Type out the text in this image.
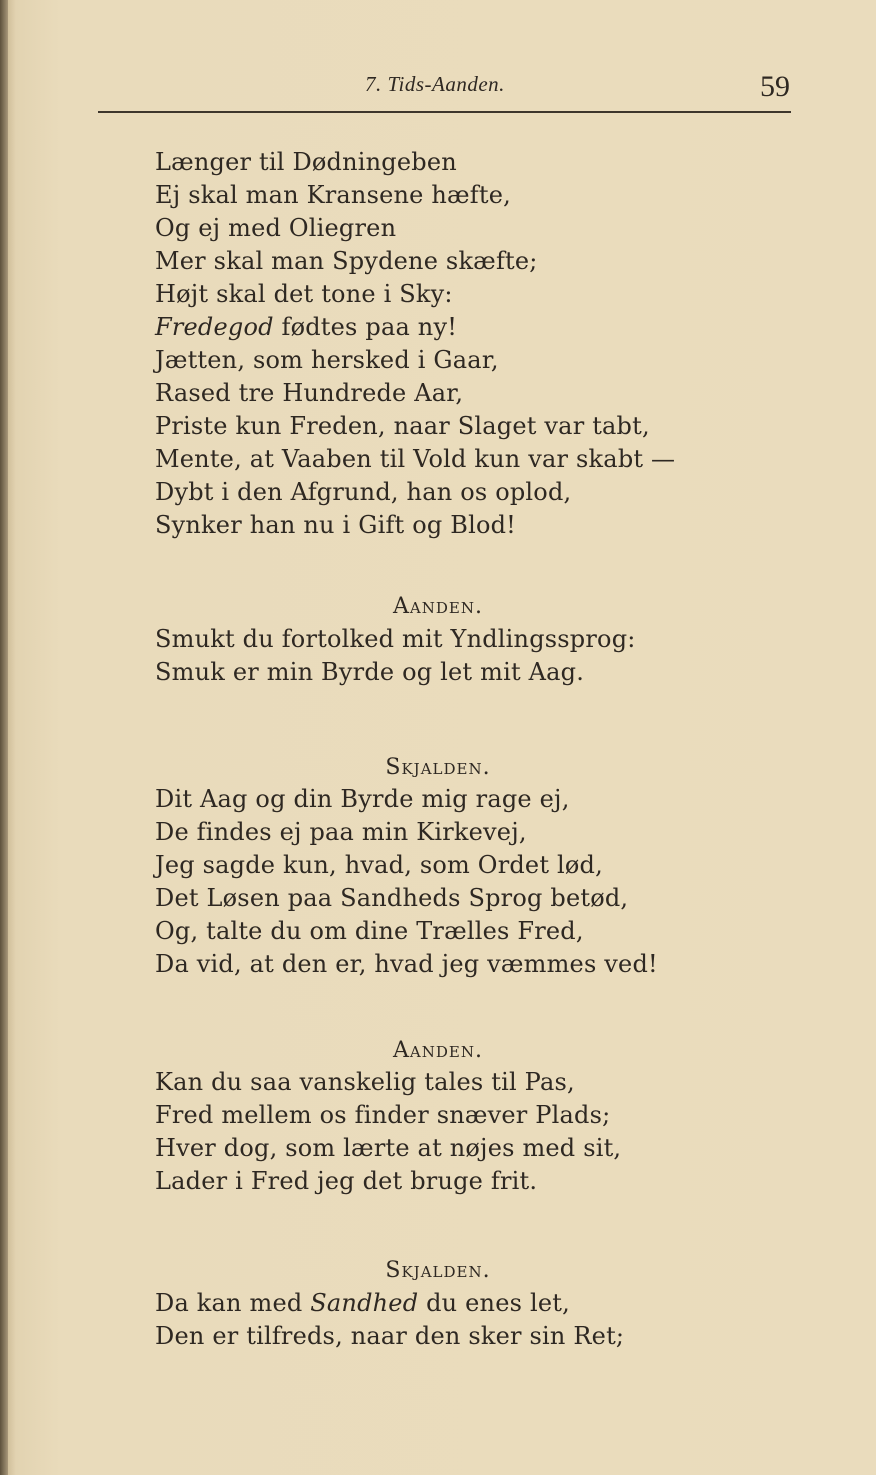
7. Tids-Aanden.	59
Længer til Dødningeben
Ej skal man Kransene hæfte,
Og ej med Oliegren
Mer skal man Spydene skæfte;
Højt skal det tone i Sky:
Fredegod fødtes paa ny!
Jætten, som hersked i Gaar,
Rased tre Hundrede Aar,
Priste kun Freden, naar Slaget var tabt,
Mente, at Vaaben til Vold kun var skabt —
Dybt i den Afgrund, han os oplod,
Synker han nu i Gift og Blod!
Aanden.
Smukt du fortolked mit Yndlingssprog:
Smuk er min Byrde og let mit Aag.
Skjalden.
Dit Aag og din Byrde mig rage ej,
De findes ej paa min Kirkevej,
Jeg sagde kun, hvad, som Ordet lød,
Det Løsen paa Sandheds Sprog betød,
Og, talte du om dine Trælles Fred,
Da vid, at den er, hvad jeg væmmes ved!
Aanden.
Kan du saa vanskelig tales til Pas,
Fred mellem os finder snæver Plads;
Hver dog, som lærte at nøjes med sit,
Lader i Fred jeg det bruge frit.
Skjalden.
Da kan med Sandhed du enes let,
Den er tilfreds, naar den sker sin Ret;
